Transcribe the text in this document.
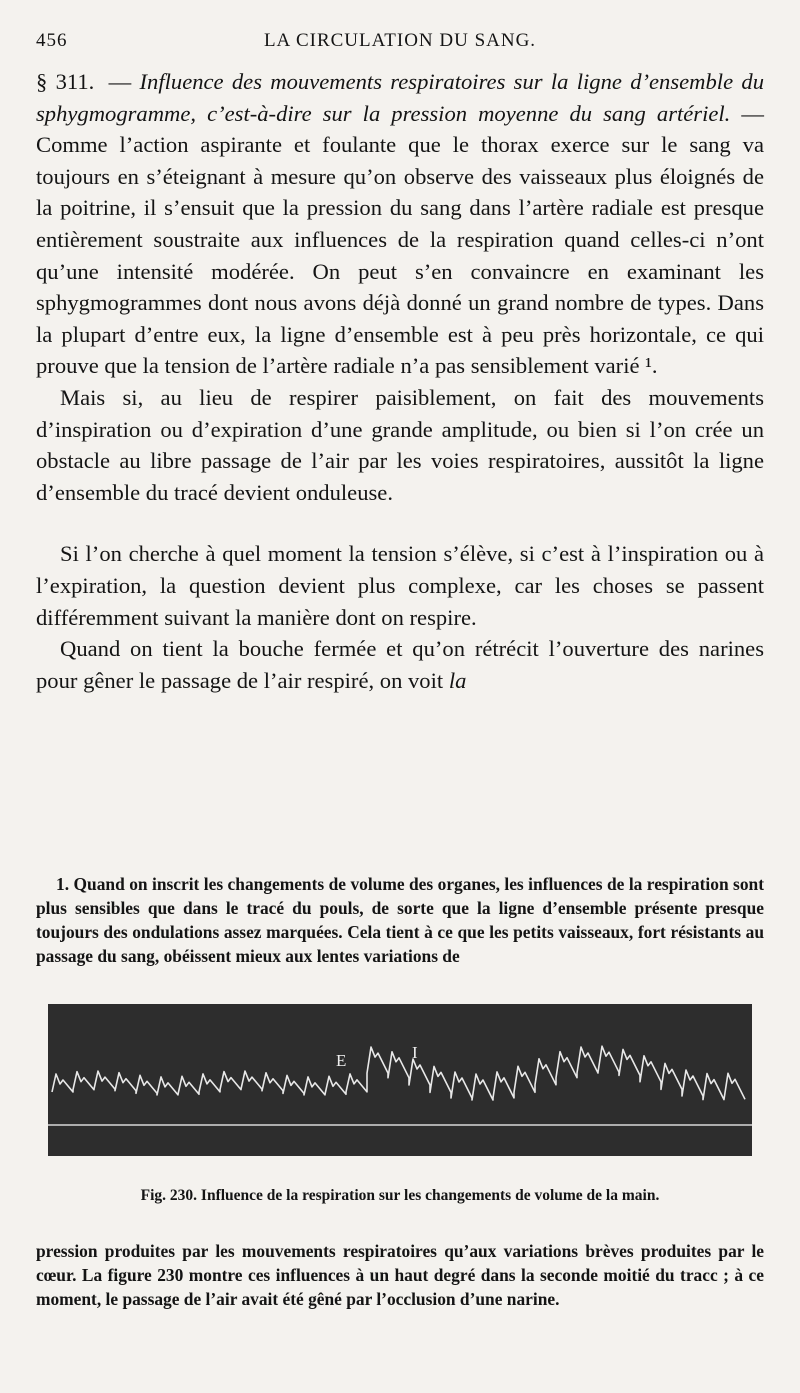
456	LA CIRCULATION DU SANG.

§ 311. — Influence des mouvements respiratoires sur la ligne d’ensemble du sphygmogramme, c’est-à-dire sur la pression moyenne du sang artériel. — Comme l’action aspirante et foulante que le thorax exerce sur le sang va toujours en s’éteignant à mesure qu’on observe des vaisseaux plus éloignés de la poitrine, il s’ensuit que la pression du sang dans l’artère radiale est presque entièrement soustraite aux influences de la respiration quand celles-ci n’ont qu’une intensité modérée. On peut s’en convaincre en examinant les sphygmogrammes dont nous avons déjà donné un grand nombre de types. Dans la plupart d’entre eux, la ligne d’ensemble est à peu près horizontale, ce qui prouve que la tension de l’artère radiale n’a pas sensiblement varié ¹.

Mais si, au lieu de respirer paisiblement, on fait des mouvements d’inspiration ou d’expiration d’une grande amplitude, ou bien si l’on crée un obstacle au libre passage de l’air par les voies respiratoires, aussitôt la ligne d’ensemble du tracé devient onduleuse.

Si l’on cherche à quel moment la tension s’élève, si c’est à l’inspiration ou à l’expiration, la question devient plus complexe, car les choses se passent différemment suivant la manière dont on respire.

Quand on tient la bouche fermée et qu’on rétrécit l’ouverture des narines pour gêner le passage de l’air respiré, on voit la

1. Quand on inscrit les changements de volume des organes, les influences de la respiration sont plus sensibles que dans le tracé du pouls, de sorte que la ligne d’ensemble présente presque toujours des ondulations assez marquées. Cela tient à ce que les petits vaisseaux, fort résistants au passage du sang, obéissent mieux aux lentes variations de
E	I
Fig. 230. Influence de la respiration sur les changements de volume de la main.

pression produites par les mouvements respiratoires qu’aux variations brèves produites par le cœur. La figure 230 montre ces influences à un haut degré dans la seconde moitié du tracc ; à ce moment, le passage de l’air avait été gêné par l’occlusion d’une narine.
